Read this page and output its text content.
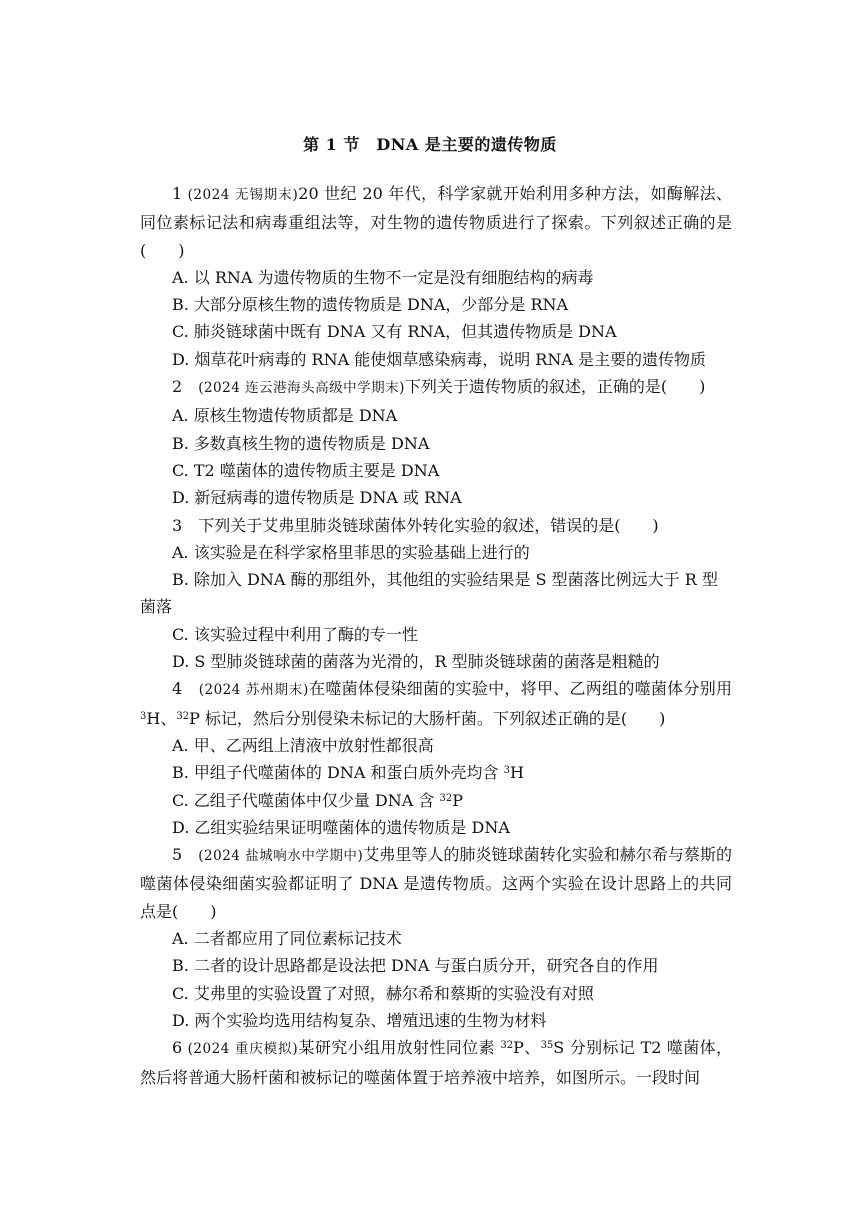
第 1 节　DNA 是主要的遗传物质

1 (2024 无锡期末)20 世纪 20 年代，科学家就开始利用多种方法，如酶解法、同位素标记法和病毒重组法等，对生物的遗传物质进行了探索。下列叙述正确的是(　　)

A. 以 RNA 为遗传物质的生物不一定是没有细胞结构的病毒

B. 大部分原核生物的遗传物质是 DNA，少部分是 RNA

C. 肺炎链球菌中既有 DNA 又有 RNA，但其遗传物质是 DNA

D. 烟草花叶病毒的 RNA 能使烟草感染病毒，说明 RNA 是主要的遗传物质

2　(2024 连云港海头高级中学期末)下列关于遗传物质的叙述，正确的是(　　)

A. 原核生物遗传物质都是 DNA

B. 多数真核生物的遗传物质是 DNA

C. T2 噬菌体的遗传物质主要是 DNA

D. 新冠病毒的遗传物质是 DNA 或 RNA

3　下列关于艾弗里肺炎链球菌体外转化实验的叙述，错误的是(　　)

A. 该实验是在科学家格里菲思的实验基础上进行的

B. 除加入 DNA 酶的那组外，其他组的实验结果是 S 型菌落比例远大于 R 型菌落

C. 该实验过程中利用了酶的专一性

D. S 型肺炎链球菌的菌落为光滑的，R 型肺炎链球菌的菌落是粗糙的

4　(2024 苏州期末)在噬菌体侵染细菌的实验中，将甲、乙两组的噬菌体分别用 $^3$H、$^{32}$P 标记，然后分别侵染未标记的大肠杆菌。下列叙述正确的是(　　)

A. 甲、乙两组上清液中放射性都很高

B. 甲组子代噬菌体的 DNA 和蛋白质外壳均含 $^3$H

C. 乙组子代噬菌体中仅少量 DNA 含 $^{32}$P

D. 乙组实验结果证明噬菌体的遗传物质是 DNA

5　(2024 盐城响水中学期中)艾弗里等人的肺炎链球菌转化实验和赫尔希与蔡斯的噬菌体侵染细菌实验都证明了 DNA 是遗传物质。这两个实验在设计思路上的共同点是(　　)

A. 二者都应用了同位素标记技术

B. 二者的设计思路都是设法把 DNA 与蛋白质分开，研究各自的作用

C. 艾弗里的实验设置了对照，赫尔希和蔡斯的实验没有对照

D. 两个实验均选用结构复杂、增殖迅速的生物为材料

6 (2024 重庆模拟)某研究小组用放射性同位素 $^{32}$P、$^{35}$S 分别标记 T2 噬菌体，然后将普通大肠杆菌和被标记的噬菌体置于培养液中培养，如图所示。一段时间
